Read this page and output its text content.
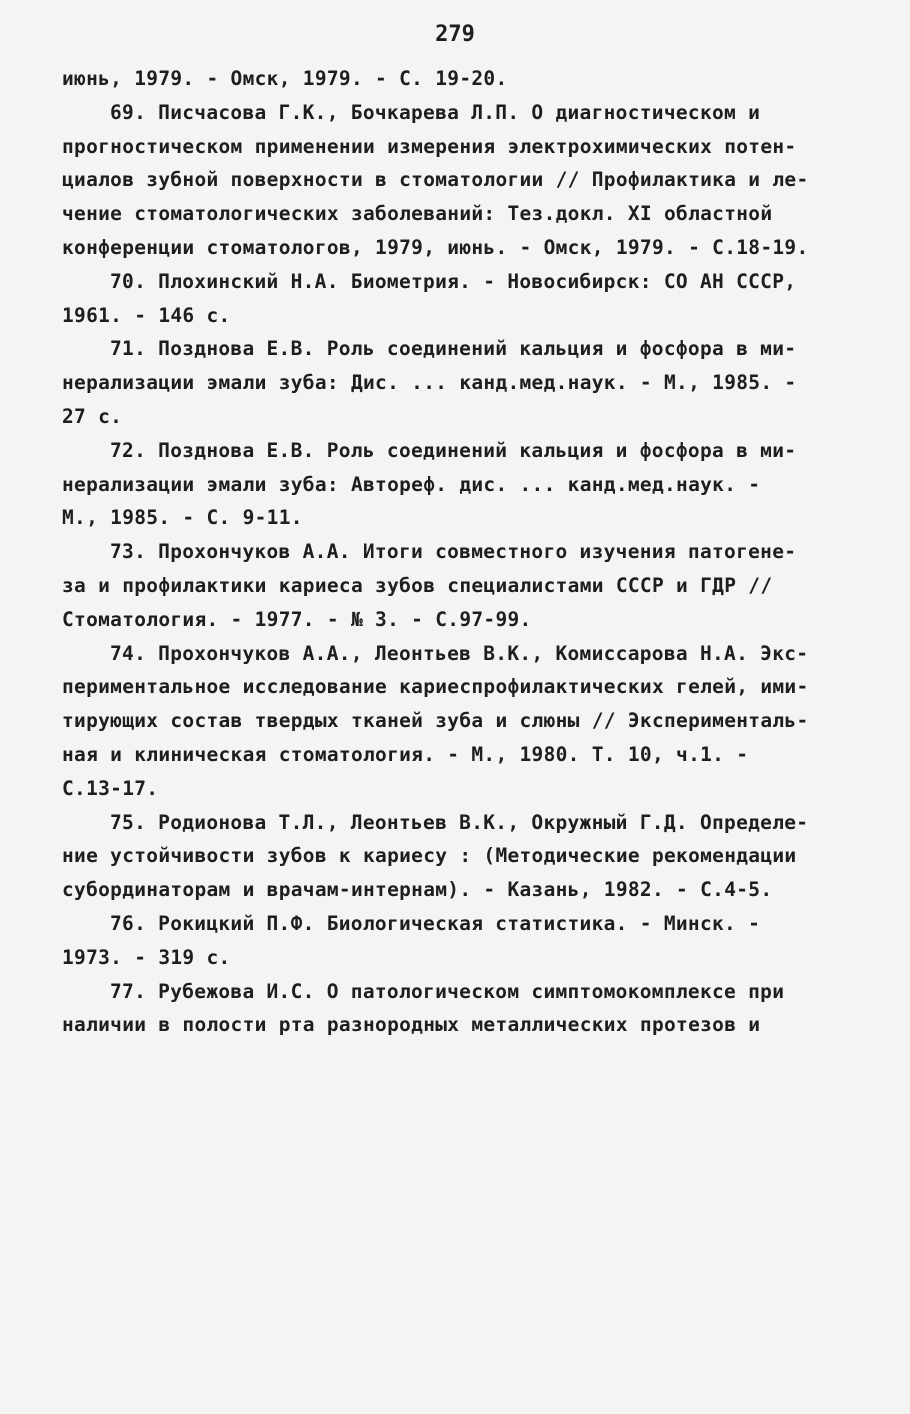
279
июнь, 1979. - Омск, 1979. - С. 19-20.
69. Писчасова Г.К., Бочкарева Л.П. О диагностическом и
прогностическом применении измерения электрохимических потен-
циалов зубной поверхности в стоматологии // Профилактика и ле-
чение стоматологических заболеваний: Тез.докл. XI областной
конференции стоматологов, 1979, июнь. - Омск, 1979. - С.18-19.
70. Плохинский Н.А. Биометрия. - Новосибирск: СО АН СССР,
1961. - 146 с.
71. Позднова Е.В. Роль соединений кальция и фосфора в ми-
нерализации эмали зуба: Дис. ... канд.мед.наук. - М., 1985. -
27 с.
72. Позднова Е.В. Роль соединений кальция и фосфора в ми-
нерализации эмали зуба: Автореф. дис. ... канд.мед.наук. -
М., 1985. - С. 9-11.
73. Прохончуков А.А. Итоги совместного изучения патогене-
за и профилактики кариеса зубов специалистами СССР и ГДР //
Стоматология. - 1977. - № 3. - С.97-99.
74. Прохончуков А.А., Леонтьев В.К., Комиссарова Н.А. Экс-
периментальное исследование кариеспрофилактических гелей, ими-
тирующих состав твердых тканей зуба и слюны // Эксперименталь-
ная и клиническая стоматология. - М., 1980. Т. 10, ч.1. -
С.13-17.
75. Родионова Т.Л., Леонтьев В.К., Окружный Г.Д. Определе-
ние устойчивости зубов к кариесу : (Методические рекомендации
субординаторам и врачам-интернам). - Казань, 1982. - С.4-5.
76. Рокицкий П.Ф. Биологическая статистика. - Минск. -
1973. - 319 с.
77. Рубежова И.С. О патологическом симптомокомплексе при
наличии в полости рта разнородных металлических протезов и
